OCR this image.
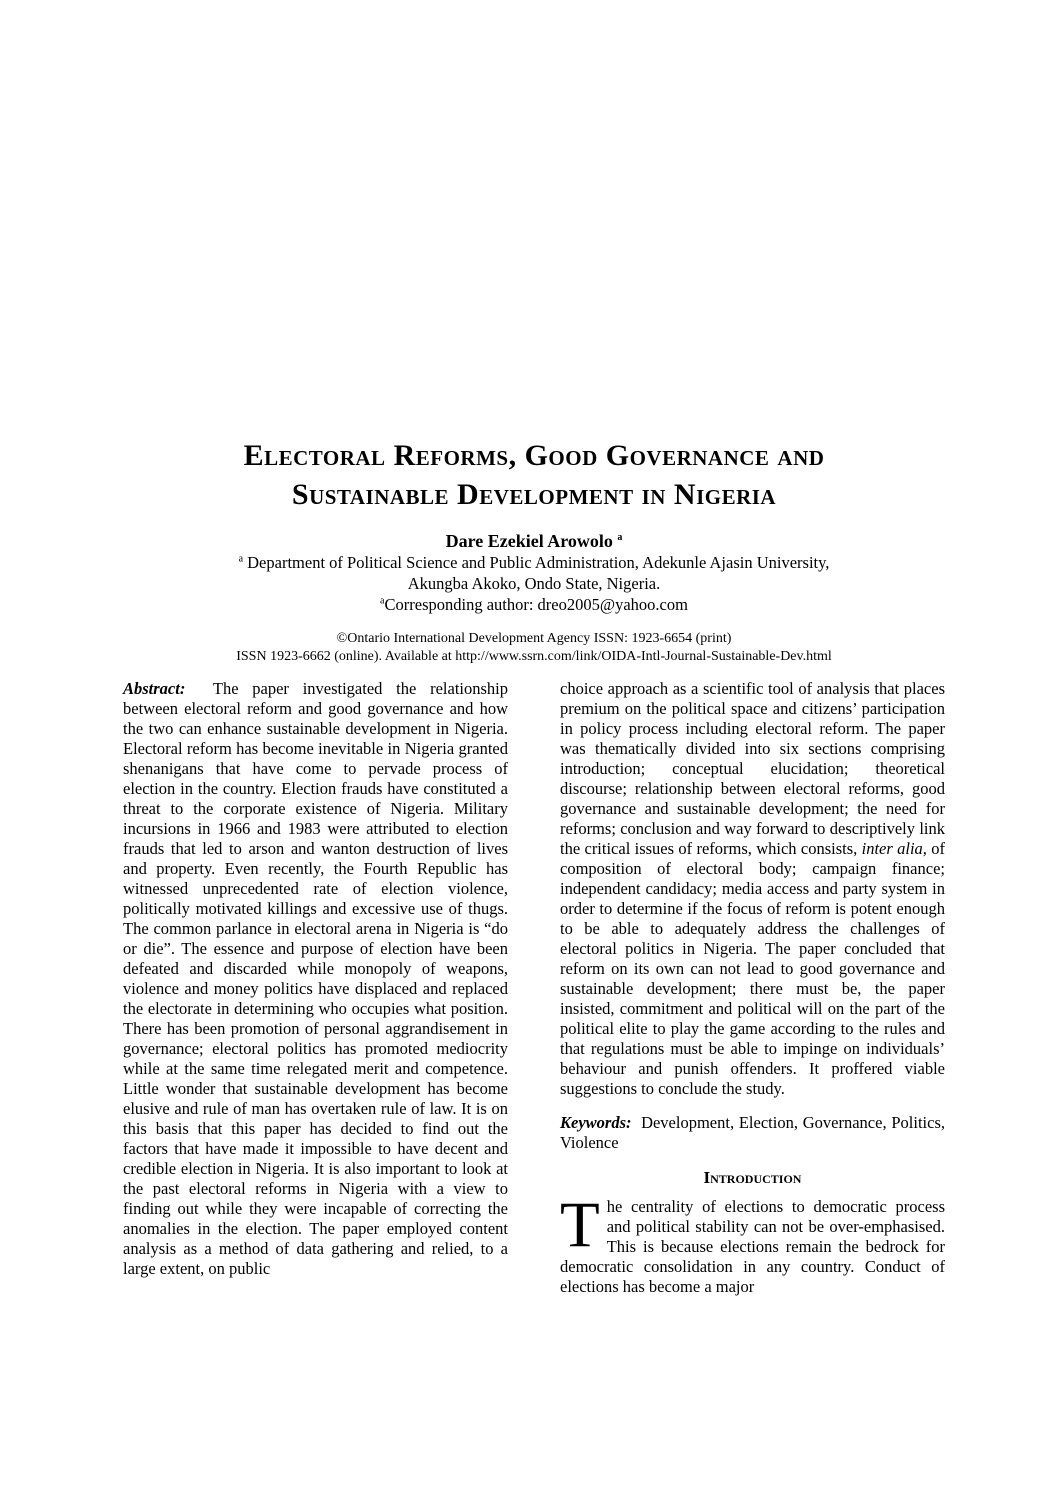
Electoral Reforms, Good Governance and Sustainable Development in Nigeria
Dare Ezekiel Arowolo $^a$
$^a$ Department of Political Science and Public Administration, Adekunle Ajasin University,
Akungba Akoko, Ondo State, Nigeria.
$^a$Corresponding author: dreo2005@yahoo.com
©Ontario International Development Agency ISSN: 1923-6654 (print)
ISSN 1923-6662 (online). Available at http://www.ssrn.com/link/OIDA-Intl-Journal-Sustainable-Dev.html

Abstract: The paper investigated the relationship between electoral reform and good governance and how the two can enhance sustainable development in Nigeria. Electoral reform has become inevitable in Nigeria granted shenanigans that have come to pervade process of election in the country. Election frauds have constituted a threat to the corporate existence of Nigeria. Military incursions in 1966 and 1983 were attributed to election frauds that led to arson and wanton destruction of lives and property. Even recently, the Fourth Republic has witnessed unprecedented rate of election violence, politically motivated killings and excessive use of thugs. The common parlance in electoral arena in Nigeria is “do or die”. The essence and purpose of election have been defeated and discarded while monopoly of weapons, violence and money politics have displaced and replaced the electorate in determining who occupies what position. There has been promotion of personal aggrandisement in governance; electoral politics has promoted mediocrity while at the same time relegated merit and competence. Little wonder that sustainable development has become elusive and rule of man has overtaken rule of law. It is on this basis that this paper has decided to find out the factors that have made it impossible to have decent and credible election in Nigeria. It is also important to look at the past electoral reforms in Nigeria with a view to finding out while they were incapable of correcting the anomalies in the election. The paper employed content analysis as a method of data gathering and relied, to a large extent, on public

choice approach as a scientific tool of analysis that places premium on the political space and citizens’ participation in policy process including electoral reform. The paper was thematically divided into six sections comprising introduction; conceptual elucidation; theoretical discourse; relationship between electoral reforms, good governance and sustainable development; the need for reforms; conclusion and way forward to descriptively link the critical issues of reforms, which consists, inter alia, of composition of electoral body; campaign finance; independent candidacy; media access and party system in order to determine if the focus of reform is potent enough to be able to adequately address the challenges of electoral politics in Nigeria. The paper concluded that reform on its own can not lead to good governance and sustainable development; there must be, the paper insisted, commitment and political will on the part of the political elite to play the game according to the rules and that regulations must be able to impinge on individuals’ behaviour and punish offenders. It proffered viable suggestions to conclude the study.

Keywords: Development, Election, Governance, Politics, Violence

Introduction

The centrality of elections to democratic process and political stability can not be over-emphasised. This is because elections remain the bedrock for democratic consolidation in any country. Conduct of elections has become a major
